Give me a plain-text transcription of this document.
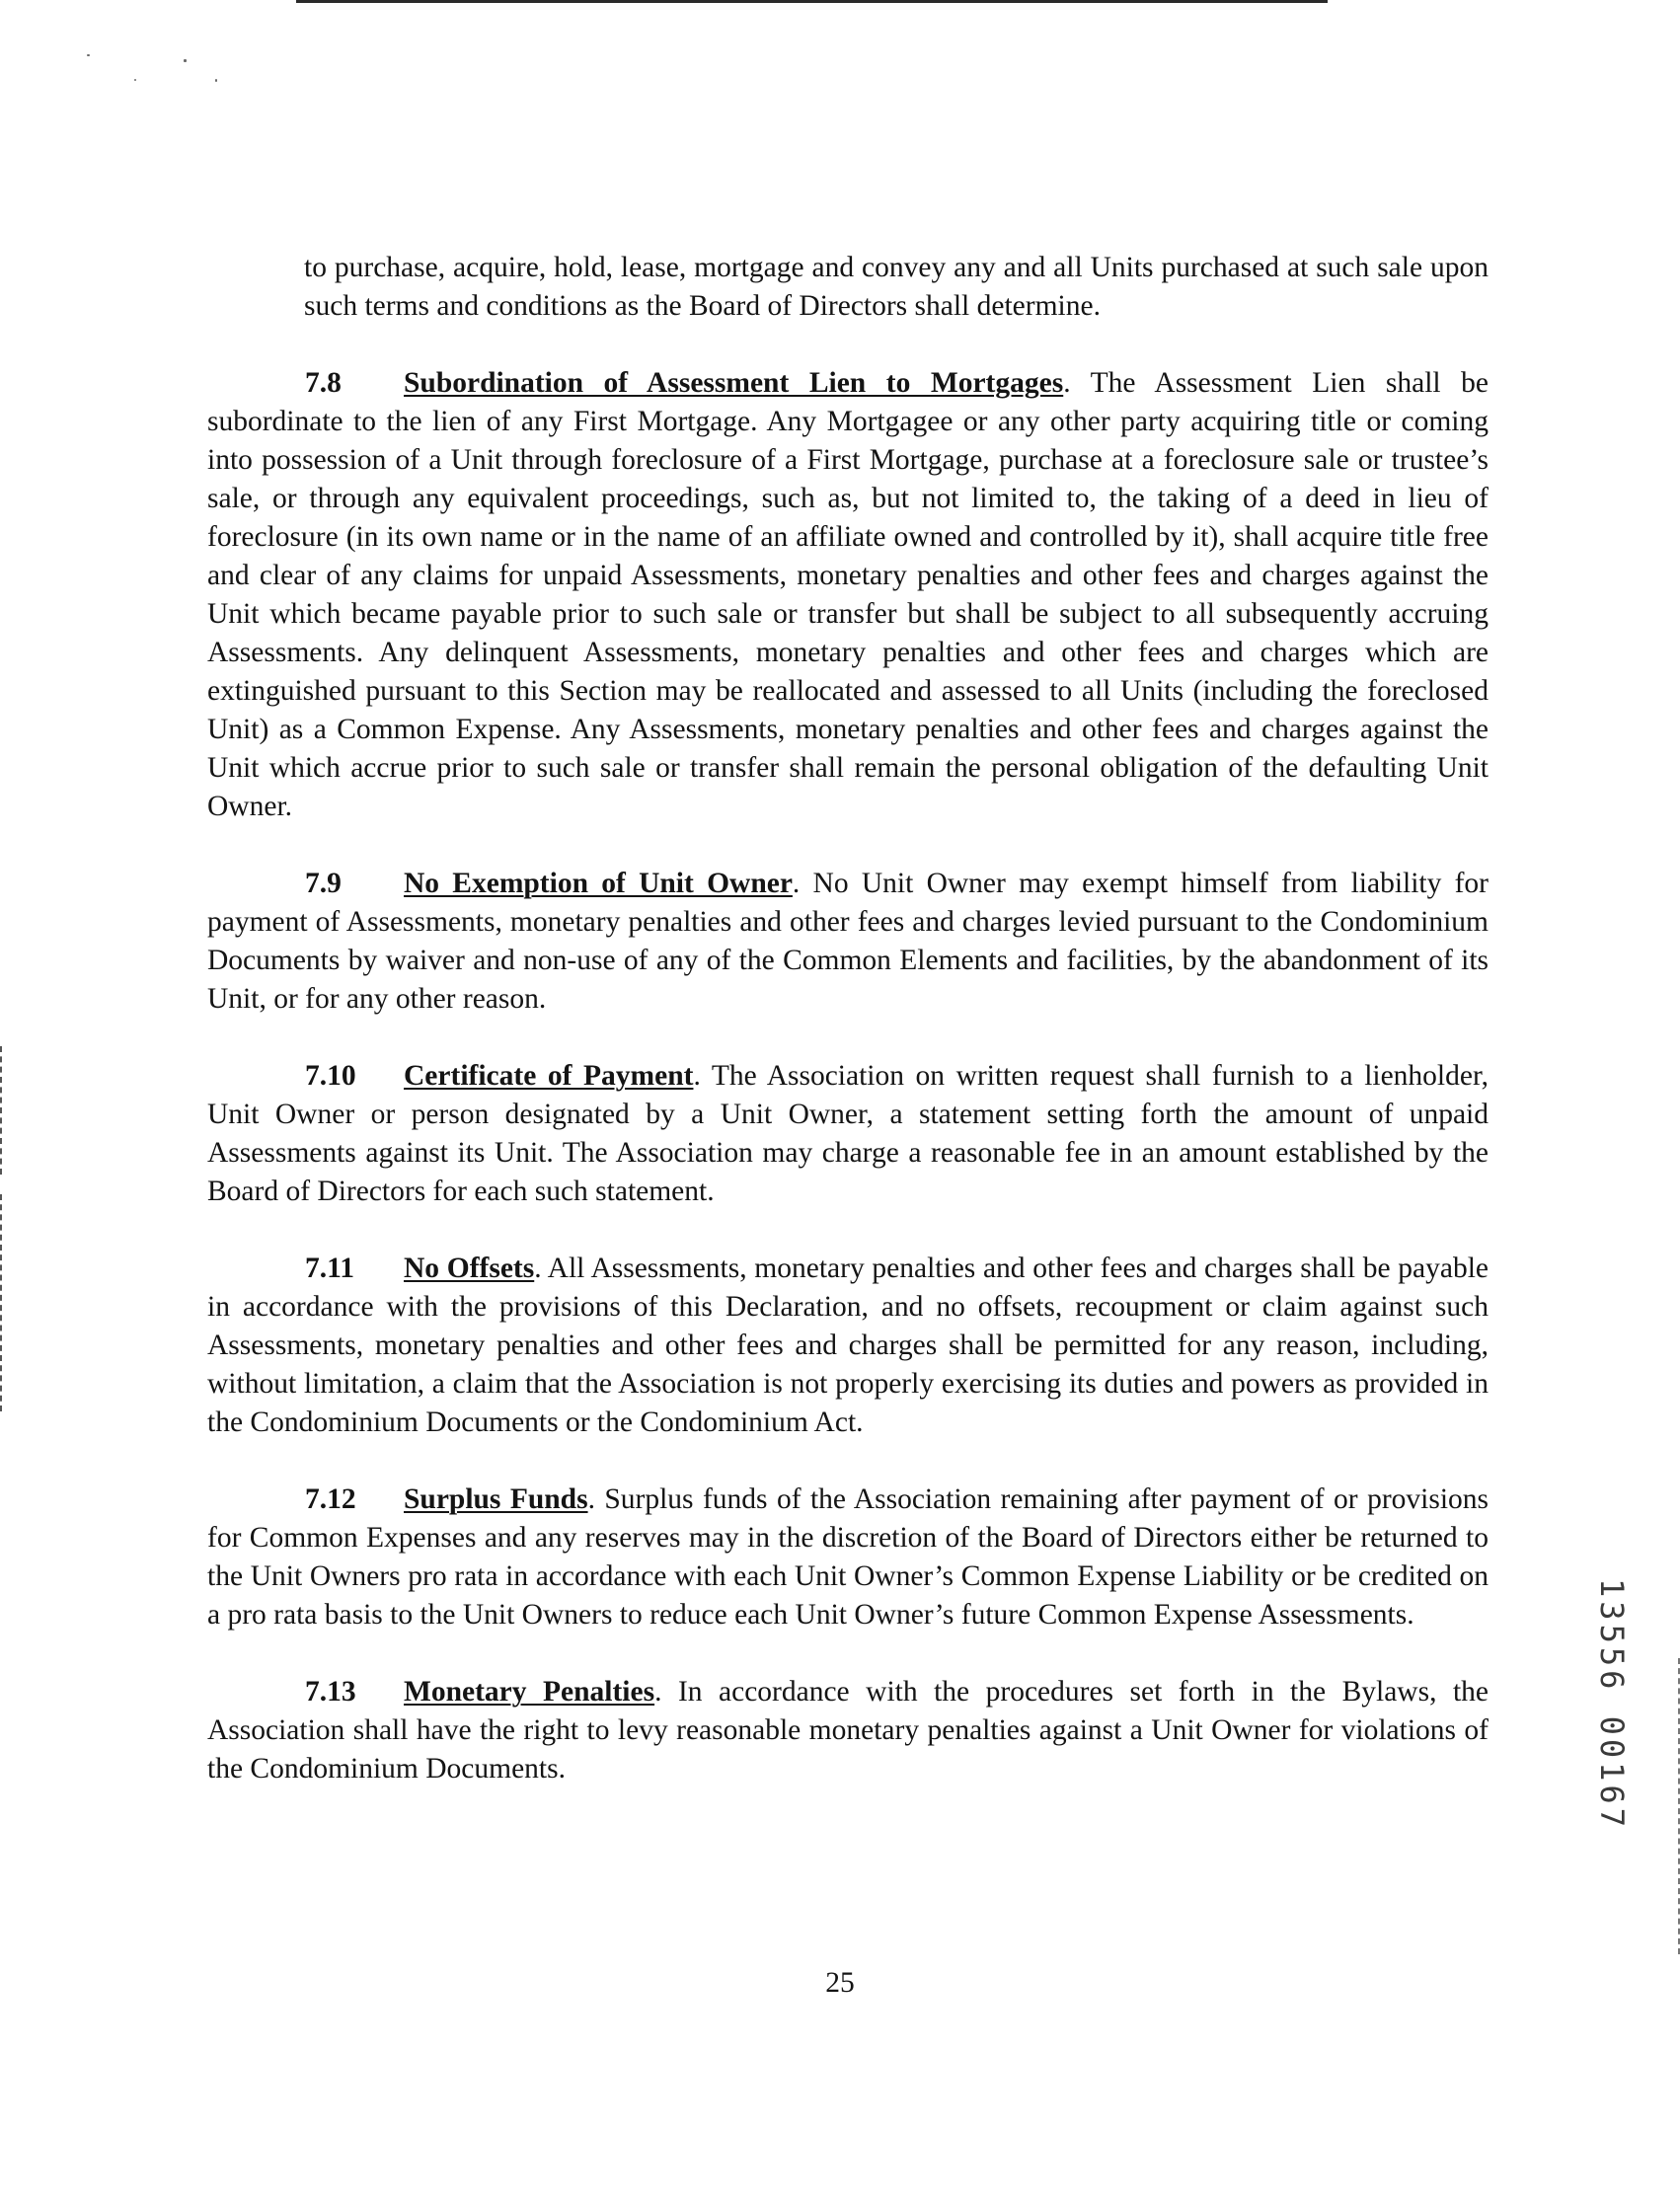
to purchase, acquire, hold, lease, mortgage and convey any and all Units purchased at such sale upon such terms and conditions as the Board of Directors shall determine.

7.8 Subordination of Assessment Lien to Mortgages. The Assessment Lien shall be subordinate to the lien of any First Mortgage. Any Mortgagee or any other party acquiring title or coming into possession of a Unit through foreclosure of a First Mortgage, purchase at a foreclosure sale or trustee’s sale, or through any equivalent proceedings, such as, but not limited to, the taking of a deed in lieu of foreclosure (in its own name or in the name of an affiliate owned and controlled by it), shall acquire title free and clear of any claims for unpaid Assessments, monetary penalties and other fees and charges against the Unit which became payable prior to such sale or transfer but shall be subject to all subsequently accruing Assessments. Any delinquent Assessments, monetary penalties and other fees and charges which are extinguished pursuant to this Section may be reallocated and assessed to all Units (including the foreclosed Unit) as a Common Expense. Any Assessments, monetary penalties and other fees and charges against the Unit which accrue prior to such sale or transfer shall remain the personal obligation of the defaulting Unit Owner.

7.9 No Exemption of Unit Owner. No Unit Owner may exempt himself from liability for payment of Assessments, monetary penalties and other fees and charges levied pursuant to the Condominium Documents by waiver and non-use of any of the Common Elements and facilities, by the abandonment of its Unit, or for any other reason.

7.10 Certificate of Payment. The Association on written request shall furnish to a lienholder, Unit Owner or person designated by a Unit Owner, a statement setting forth the amount of unpaid Assessments against its Unit. The Association may charge a reasonable fee in an amount established by the Board of Directors for each such statement.

7.11 No Offsets. All Assessments, monetary penalties and other fees and charges shall be payable in accordance with the provisions of this Declaration, and no offsets, recoupment or claim against such Assessments, monetary penalties and other fees and charges shall be permitted for any reason, including, without limitation, a claim that the Association is not properly exercising its duties and powers as provided in the Condominium Documents or the Condominium Act.

7.12 Surplus Funds. Surplus funds of the Association remaining after payment of or provisions for Common Expenses and any reserves may in the discretion of the Board of Directors either be returned to the Unit Owners pro rata in accordance with each Unit Owner’s Common Expense Liability or be credited on a pro rata basis to the Unit Owners to reduce each Unit Owner’s future Common Expense Assessments.

7.13 Monetary Penalties. In accordance with the procedures set forth in the Bylaws, the Association shall have the right to levy reasonable monetary penalties against a Unit Owner for violations of the Condominium Documents.

25
13556 00167
